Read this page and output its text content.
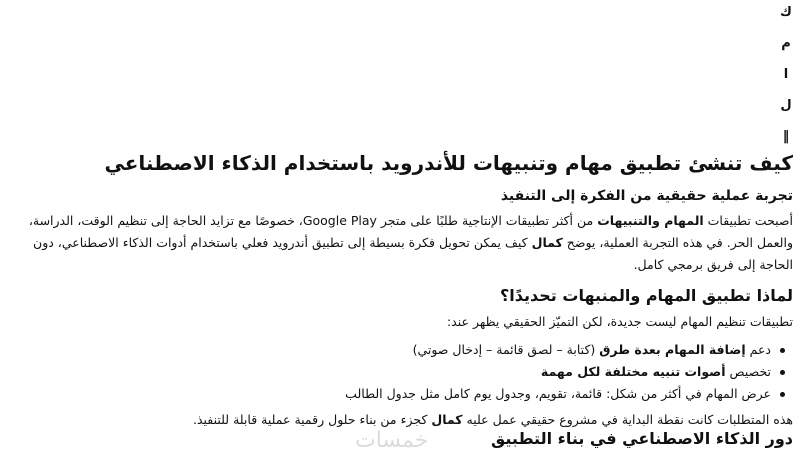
ك
م
ا
ل
‖
كيف تنشئ تطبيق مهام وتنبيهات للأندرويد باستخدام الذكاء الاصطناعي
تجربة عملية حقيقية من الفكرة إلى التنفيذ

أصبحت تطبيقات المهام والتنبيهات من أكثر تطبيقات الإنتاجية طلبًا على متجر Google Play، خصوصًا مع تزايد الحاجة إلى تنظيم الوقت، الدراسة، والعمل الحر. في هذه التجربة العملية، يوضح كمال كيف يمكن تحويل فكرة بسيطة إلى تطبيق أندرويد فعلي باستخدام أدوات الذكاء الاصطناعي، دون الحاجة إلى فريق برمجي كامل.

لماذا تطبيق المهام والمنبهات تحديدًا؟

تطبيقات تنظيم المهام ليست جديدة، لكن التميّز الحقيقي يظهر عند:

دعم إضافة المهام بعدة طرق (كتابة – لصق قائمة – إدخال صوتي)
تخصيص أصوات تنبيه مختلفة لكل مهمة
عرض المهام في أكثر من شكل: قائمة، تقويم، وجدول يوم كامل مثل جدول الطالب

هذه المتطلبات كانت نقطة البداية في مشروع حقيقي عمل عليه كمال كجزء من بناء حلول رقمية عملية قابلة للتنفيذ.

دور الذكاء الاصطناعي في بناء التطبيق
خمسات
